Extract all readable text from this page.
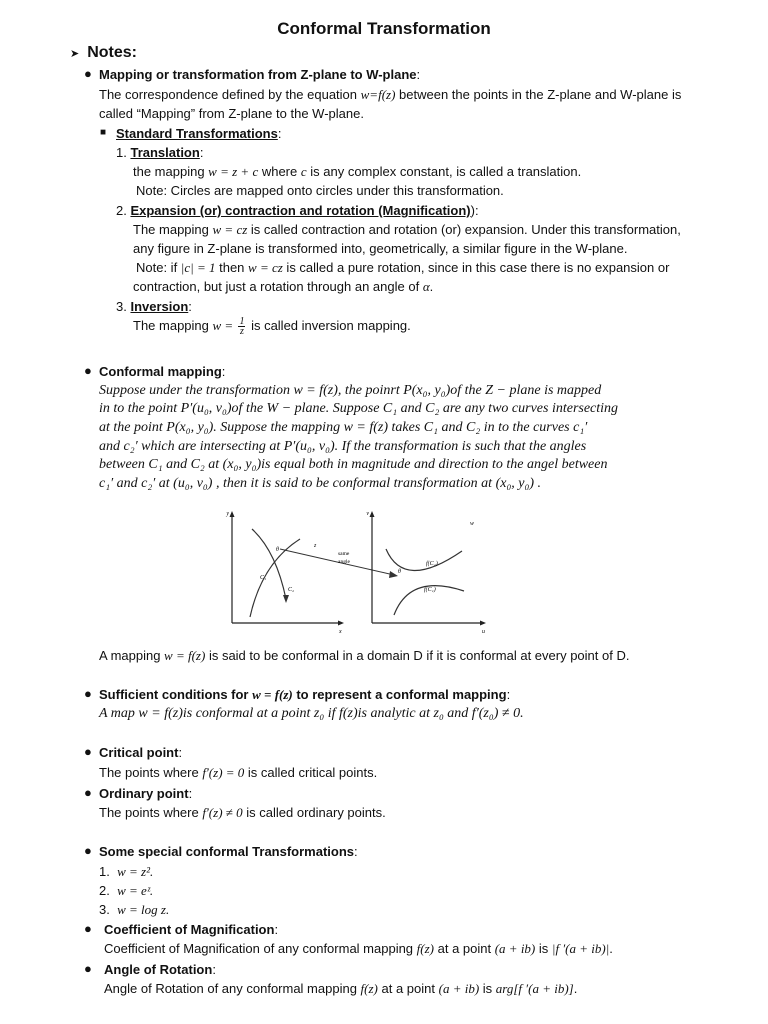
Conformal Transformation
➤ Notes:
● Mapping or transformation from Z-plane to W-plane:
The correspondence defined by the equation w=f(z) between the points in the Z-plane and W-plane is
called “Mapping” from Z-plane to the W-plane.
■ Standard Transformations:
1. Translation:
the mapping w = z + c where c is any complex constant, is called a translation.
Note: Circles are mapped onto circles under this transformation.
2. Expansion (or) contraction and rotation (Magnification)):
The mapping w = cz is called contraction and rotation (or) expansion. Under this transformation,
any figure in Z-plane is transformed into, geometrically, a similar figure in the W-plane.
Note: if |c| = 1 then w = cz is called a pure rotation, since in this case there is no expansion or
contraction, but just a rotation through an angle of α.
3. Inversion:
The mapping $w = \frac{1}{z}$ is called inversion mapping.
● Conformal mapping:
Suppose under the transformation w = f(z), the poinrt P(x₀, y₀)of the Z − plane is mapped
in to the point P′(u₀, v₀)of the W − plane. Suppose C₁ and C₂ are any two curves intersecting
at the point P(x₀, y₀). Suppose the mapping w = f(z) takes C₁ and C₂ in to the curves c₁′
and c₂′ which are intersecting at P′(u₀, v₀). If the transformation is such that the angles
between C₁ and C₂ at (x₀, y₀)is equal both in magnitude and direction to the angel between
c₁′ and c₂′ at (u₀, v₀) , then it is said to be conformal transformation at (x₀, y₀) .
y
x
θ
C₁
C₂
z
same
angle
v
u
w
θ
f(C₂)
f(C₁)
A mapping w = f(z) is said to be conformal in a domain D if it is conformal at every point of D.
● Sufficient conditions for w = f(z) to represent a conformal mapping:
A map w = f(z)is conformal at a point z₀ if f(z)is analytic at z₀ and f′(z₀) ≠ 0.
● Critical point:
The points where f′(z) = 0 is called critical points.
● Ordinary point:
The points where f′(z) ≠ 0 is called ordinary points.
● Some special conformal Transformations:
1. w = z².
2. w = eᶻ.
3. w = log z.
● Coefficient of Magnification:
Coefficient of Magnification of any conformal mapping f(z) at a point (a + ib) is |f ′(a + ib)|.
● Angle of Rotation:
Angle of Rotation of any conformal mapping f(z) at a point (a + ib) is arg[f ′(a + ib)].
